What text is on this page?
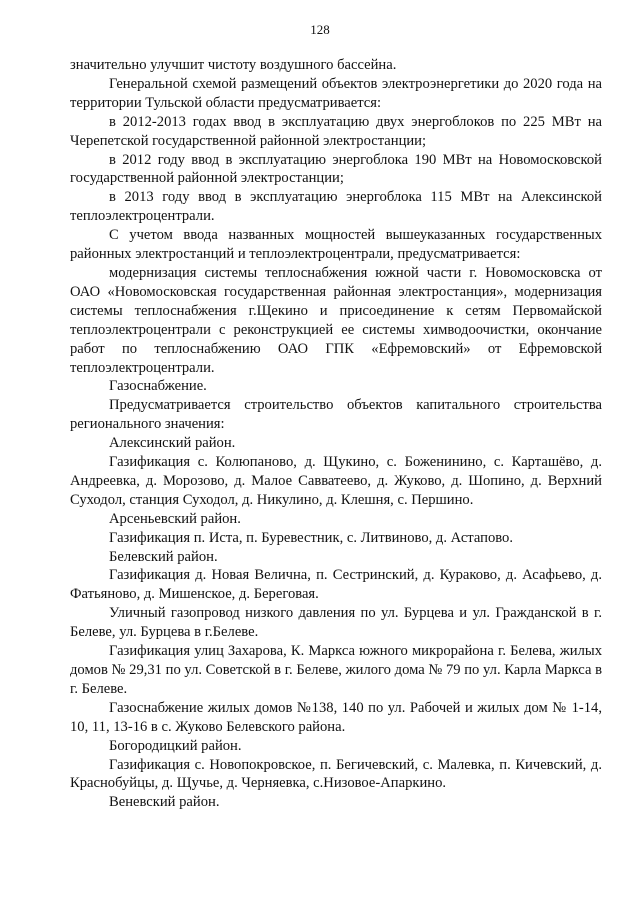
128

значительно улучшит чистоту воздушного бассейна.

Генеральной схемой размещений объектов электроэнергетики до 2020 года на территории Тульской области предусматривается:

в 2012-2013 годах ввод в эксплуатацию двух энергоблоков по 225 МВт на Черепетской государственной районной электростанции;

в 2012 году ввод в эксплуатацию энергоблока 190 МВт на Новомосковской государственной районной электростанции;

в 2013 году ввод в эксплуатацию энергоблока 115 МВт на Алексинской теплоэлектроцентрали.

С учетом ввода названных мощностей вышеуказанных государственных районных электростанций и теплоэлектроцентрали, предусматривается:

модернизация системы теплоснабжения южной части г. Новомосковска от ОАО «Новомосковская государственная районная электростанция», модернизация системы теплоснабжения г.Щекино и присоединение к сетям Первомайской теплоэлектроцентрали с реконструкцией ее системы химводоочистки, окончание работ по теплоснабжению ОАО ГПК «Ефремовский» от Ефремовской теплоэлектроцентрали.

Газоснабжение.

Предусматривается строительство объектов капитального строительства регионального значения:

Алексинский район.

Газификация с. Колюпаново, д. Щукино, с. Боженинино, с. Карташёво, д. Андреевка, д. Морозово, д. Малое Савватеево, д. Жуково, д. Шопино, д. Верхний Суходол, станция Суходол, д. Никулино, д. Клешня, с. Першино.

Арсеньевский район.

Газификация п. Иста, п. Буревестник, с. Литвиново, д. Астапово.

Белевский район.

Газификация д. Новая Велична, п. Сестринский, д. Кураково, д. Асафьево, д. Фатьяново, д. Мишенское, д. Береговая.

Уличный газопровод низкого давления по ул. Бурцева и ул. Гражданской в г. Белеве, ул. Бурцева в г.Белеве.

Газификация улиц Захарова, К. Маркса южного микрорайона г. Белева, жилых домов № 29,31 по ул. Советской в г. Белеве, жилого дома № 79 по ул. Карла Маркса в г. Белеве.

Газоснабжение жилых домов №138, 140 по ул. Рабочей и жилых дом № 1-14, 10, 11, 13-16 в с. Жуково Белевского района.

Богородицкий район.

Газификация с. Новопокровское, п. Бегичевский, с. Малевка, п. Кичевский, д. Краснобуйцы, д. Щучье, д. Черняевка, с.Низовое-Апаркино.

Веневский район.
